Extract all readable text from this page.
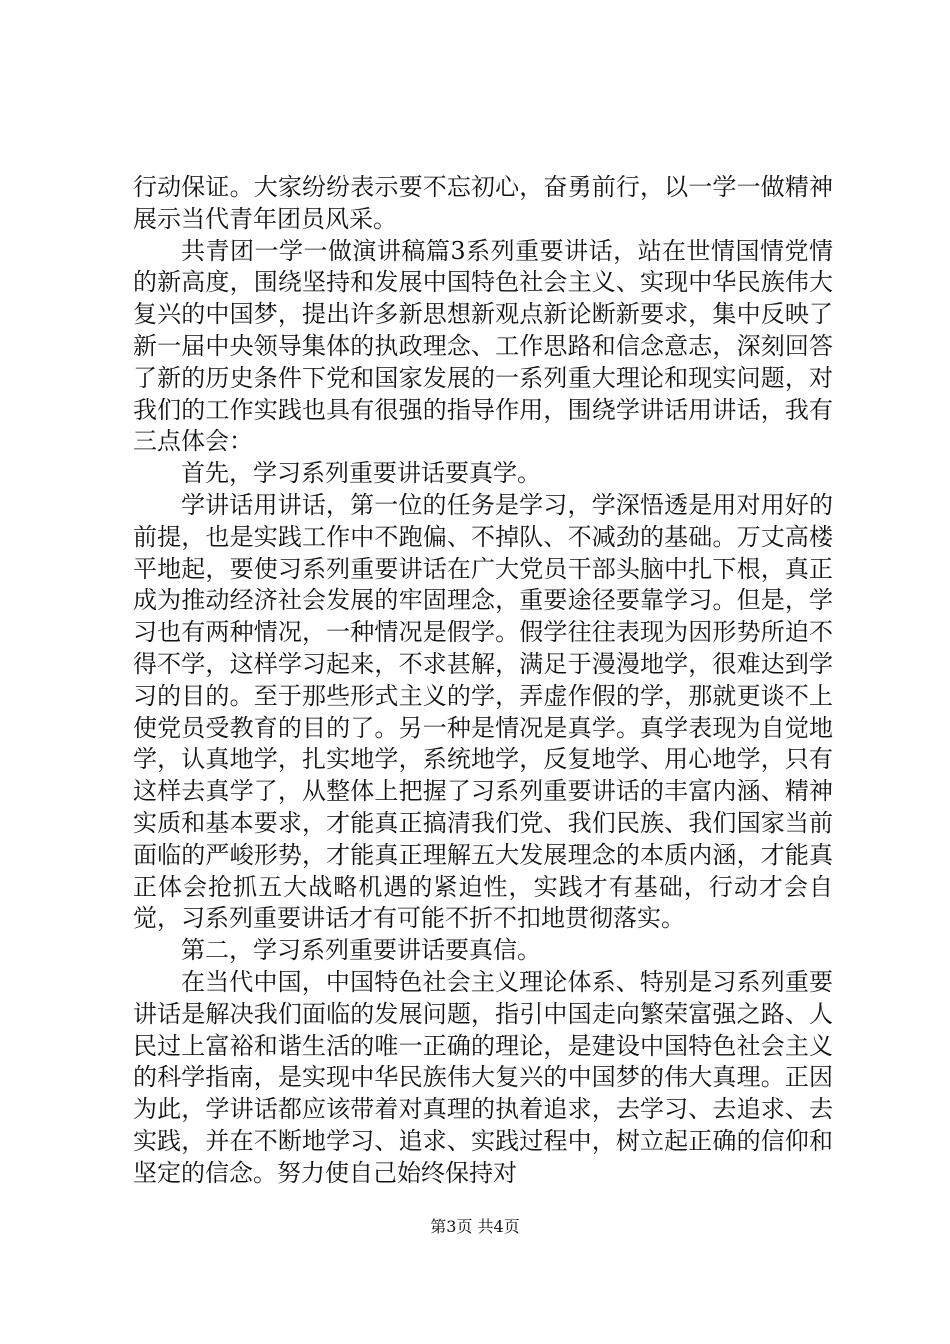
行动保证。大家纷纷表示要不忘初心，奋勇前行，以一学一做精神展示当代青年团员风采。

共青团一学一做演讲稿篇3系列重要讲话，站在世情国情党情的新高度，围绕坚持和发展中国特色社会主义、实现中华民族伟大复兴的中国梦，提出许多新思想新观点新论断新要求，集中反映了新一届中央领导集体的执政理念、工作思路和信念意志，深刻回答了新的历史条件下党和国家发展的一系列重大理论和现实问题，对我们的工作实践也具有很强的指导作用，围绕学讲话用讲话，我有三点体会：

首先，学习系列重要讲话要真学。

学讲话用讲话，第一位的任务是学习，学深悟透是用对用好的前提，也是实践工作中不跑偏、不掉队、不减劲的基础。万丈高楼平地起，要使习系列重要讲话在广大党员干部头脑中扎下根，真正成为推动经济社会发展的牢固理念，重要途径要靠学习。但是，学习也有两种情况，一种情况是假学。假学往往表现为因形势所迫不得不学，这样学习起来，不求甚解，满足于漫漫地学，很难达到学习的目的。至于那些形式主义的学，弄虚作假的学，那就更谈不上使党员受教育的目的了。另一种是情况是真学。真学表现为自觉地学，认真地学，扎实地学，系统地学，反复地学、用心地学，只有这样去真学了，从整体上把握了习系列重要讲话的丰富内涵、精神实质和基本要求，才能真正搞清我们党、我们民族、我们国家当前面临的严峻形势，才能真正理解五大发展理念的本质内涵，才能真正体会抢抓五大战略机遇的紧迫性，实践才有基础，行动才会自觉，习系列重要讲话才有可能不折不扣地贯彻落实。

第二，学习系列重要讲话要真信。

在当代中国，中国特色社会主义理论体系、特别是习系列重要讲话是解决我们面临的发展问题，指引中国走向繁荣富强之路、人民过上富裕和谐生活的唯一正确的理论，是建设中国特色社会主义的科学指南，是实现中华民族伟大复兴的中国梦的伟大真理。正因为此，学讲话都应该带着对真理的执着追求，去学习、去追求、去实践，并在不断地学习、追求、实践过程中，树立起正确的信仰和坚定的信念。努力使自己始终保持对

第3页 共4页
